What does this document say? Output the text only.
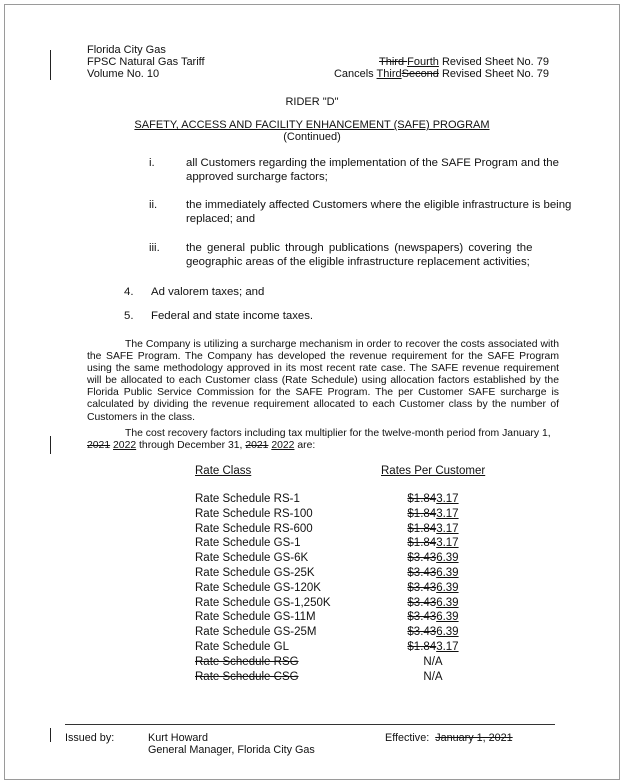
Florida City Gas
FPSC Natural Gas Tariff
Volume No. 10
Third Fourth Revised Sheet No. 79
Cancels ThirdSecond Revised Sheet No. 79
RIDER "D"
SAFETY, ACCESS AND FACILITY ENHANCEMENT (SAFE) PROGRAM
(Continued)
i.	all Customers regarding the implementation of the SAFE Program and the
approved surcharge factors;
ii.	the immediately affected Customers where the eligible infrastructure is being
replaced; and
iii. the general public through publications (newspapers) covering the
geographic areas of the eligible infrastructure replacement activities;
4. Ad valorem taxes; and
5. Federal and state income taxes.
The Company is utilizing a surcharge mechanism in order to recover the costs associated with the SAFE Program. The Company has developed the revenue requirement for the SAFE Program using the same methodology approved in its most recent rate case. The SAFE revenue requirement will be allocated to each Customer class (Rate Schedule) using allocation factors established by the Florida Public Service Commission for the SAFE Program. The per Customer SAFE surcharge is calculated by dividing the revenue requirement allocated to each Customer class by the number of Customers in the class.
The cost recovery factors including tax multiplier for the twelve-month period from January 1,
2021 2022 through December 31, 2021 2022 are:
Rate Class	Rates Per Customer
Rate Schedule RS-1	$1.843.17
Rate Schedule RS-100	$1.843.17
Rate Schedule RS-600	$1.843.17
Rate Schedule GS-1	$1.843.17
Rate Schedule GS-6K	$3.436.39
Rate Schedule GS-25K	$3.436.39
Rate Schedule GS-120K	$3.436.39
Rate Schedule GS-1,250K	$3.436.39
Rate Schedule GS-11M	$3.436.39
Rate Schedule GS-25M	$3.436.39
Rate Schedule GL	$1.843.17
Rate Schedule RSG	N/A
Rate Schedule CSG	N/A
Issued by:	Kurt Howard
General Manager, Florida City Gas
Effective: January 1, 2021
